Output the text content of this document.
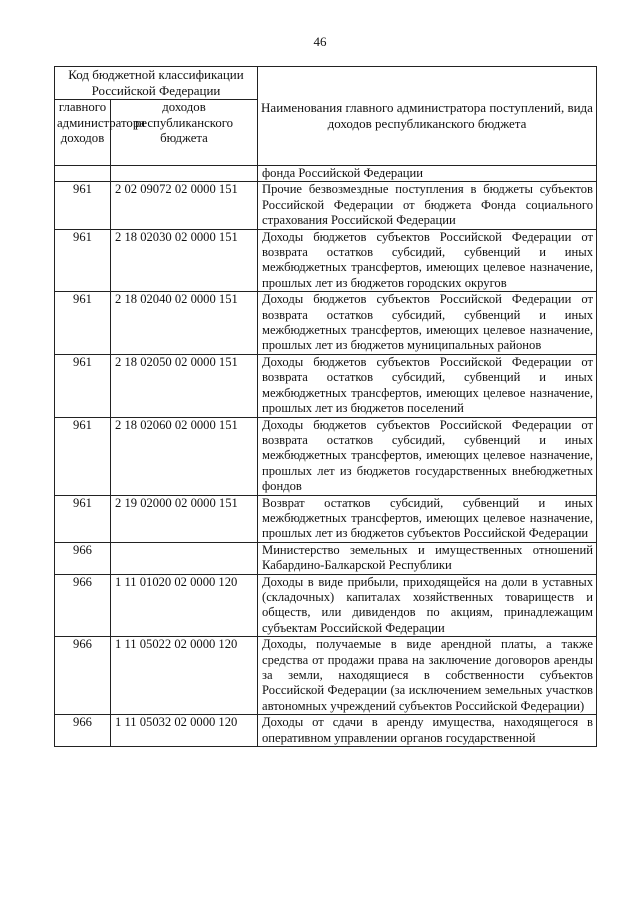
46
Код бюджетной классификации Российской Федерации		Наименования главного администратора поступлений, вида доходов республиканского бюджета
главного администратора доходов	доходов республиканского бюджета	
		фонда Российской Федерации
961	2 02 09072 02 0000 151	Прочие безвозмездные поступления в бюджеты субъектов Российской Федерации от бюджета Фонда социального страхования Российской Федерации
961	2 18 02030 02 0000 151	Доходы бюджетов субъектов Российской Федерации от возврата остатков субсидий, субвенций и иных межбюджетных трансфертов, имеющих целевое назначение, прошлых лет из бюджетов городских округов
961	2 18 02040 02 0000 151	Доходы бюджетов субъектов Российской Федерации от возврата остатков субсидий, субвенций и иных межбюджетных трансфертов, имеющих целевое назначение, прошлых лет из бюджетов муниципальных районов
961	2 18 02050 02 0000 151	Доходы бюджетов субъектов Российской Федерации от возврата остатков субсидий, субвенций и иных межбюджетных трансфертов, имеющих целевое назначение, прошлых лет из бюджетов поселений
961	2 18 02060 02 0000 151	Доходы бюджетов субъектов Российской Федерации от возврата остатков субсидий, субвенций и иных межбюджетных трансфертов, имеющих целевое назначение, прошлых лет из бюджетов государственных внебюджетных фондов
961	2 19 02000 02 0000 151	Возврат остатков субсидий, субвенций и иных межбюджетных трансфертов, имеющих целевое назначение, прошлых лет из бюджетов субъектов Российской Федерации
966		Министерство земельных и имущественных отношений Кабардино-Балкарской Республики
966	1 11 01020 02 0000 120	Доходы в виде прибыли, приходящейся на доли в уставных (складочных) капиталах хозяйственных товариществ и обществ, или дивидендов по акциям, принадлежащим субъектам Российской Федерации
966	1 11 05022 02 0000 120	Доходы, получаемые в виде арендной платы, а также средства от продажи права на заключение договоров аренды за земли, находящиеся в собственности субъектов Российской Федерации (за исключением земельных участков автономных учреждений субъектов Российской Федерации)
966	1 11 05032 02 0000 120	Доходы от сдачи в аренду имущества, находящегося в оперативном управлении органов государственной
